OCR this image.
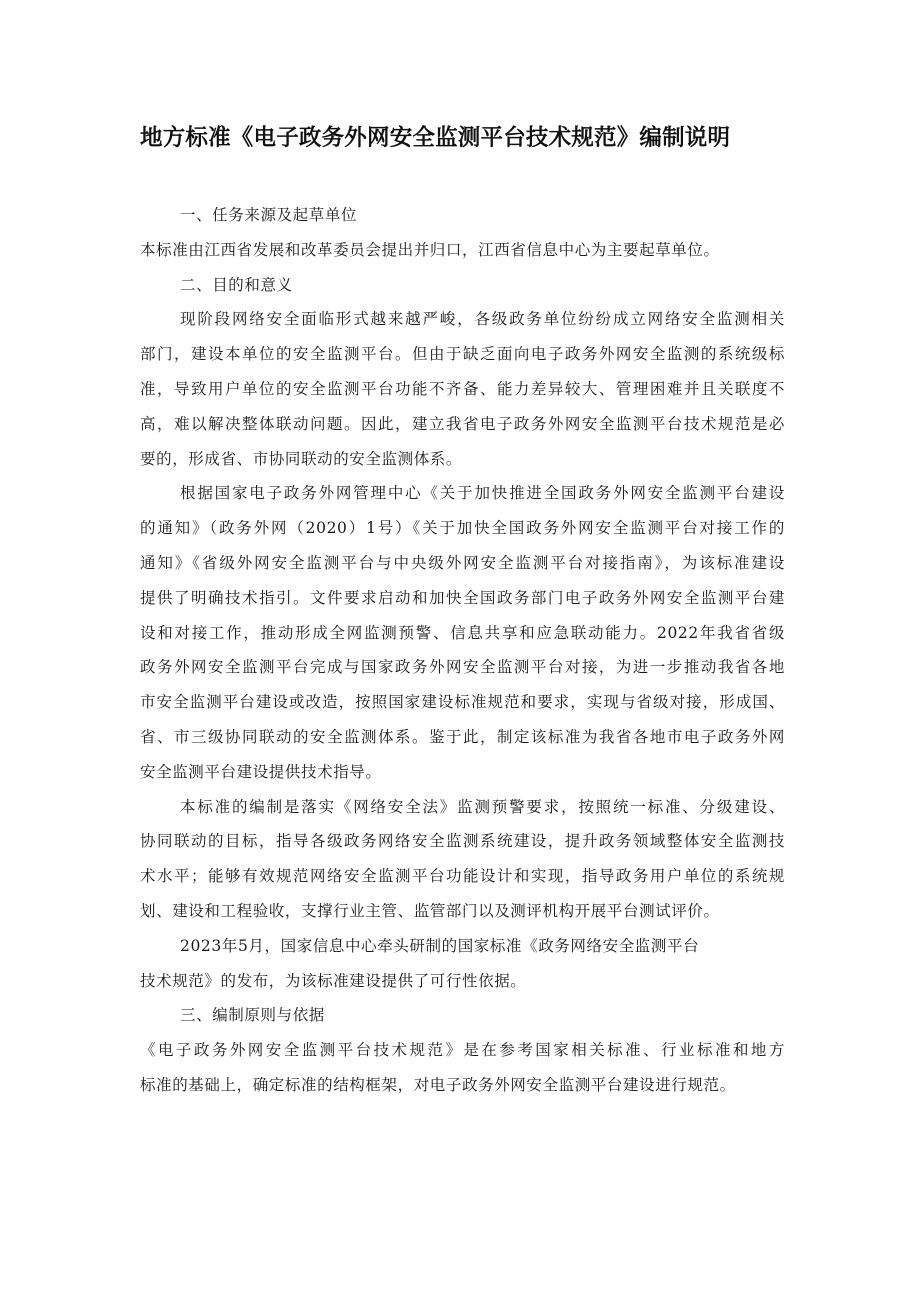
地方标准《电子政务外网安全监测平台技术规范》编制说明
一、任务来源及起草单位
本标准由江西省发展和改革委员会提出并归口，江西省信息中心为主要起草单位。
二、目的和意义
现阶段网络安全面临形式越来越严峻，各级政务单位纷纷成立网络安全监测相关
部门，建设本单位的安全监测平台。但由于缺乏面向电子政务外网安全监测的系统级标
准，导致用户单位的安全监测平台功能不齐备、能力差异较大、管理困难并且关联度不
高，难以解决整体联动问题。因此，建立我省电子政务外网安全监测平台技术规范是必
要的，形成省、市协同联动的安全监测体系。
根据国家电子政务外网管理中心《关于加快推进全国政务外网安全监测平台建设
的通知》（政务外网（2020）1号）《关于加快全国政务外网安全监测平台对接工作的
通知》《省级外网安全监测平台与中央级外网安全监测平台对接指南》，为该标准建设
提供了明确技术指引。文件要求启动和加快全国政务部门电子政务外网安全监测平台建
设和对接工作，推动形成全网监测预警、信息共享和应急联动能力。2022年我省省级
政务外网安全监测平台完成与国家政务外网安全监测平台对接，为进一步推动我省各地
市安全监测平台建设或改造，按照国家建设标准规范和要求，实现与省级对接，形成国、
省、市三级协同联动的安全监测体系。鉴于此，制定该标准为我省各地市电子政务外网
安全监测平台建设提供技术指导。
本标准的编制是落实《网络安全法》监测预警要求，按照统一标准、分级建设、
协同联动的目标，指导各级政务网络安全监测系统建设，提升政务领域整体安全监测技
术水平；能够有效规范网络安全监测平台功能设计和实现，指导政务用户单位的系统规
划、建设和工程验收，支撑行业主管、监管部门以及测评机构开展平台测试评价。
2023年5月，国家信息中心牵头研制的国家标准《政务网络安全监测平台
技术规范》的发布，为该标准建设提供了可行性依据。
三、编制原则与依据
《电子政务外网安全监测平台技术规范》是在参考国家相关标准、行业标准和地方
标准的基础上，确定标准的结构框架，对电子政务外网安全监测平台建设进行规范。
